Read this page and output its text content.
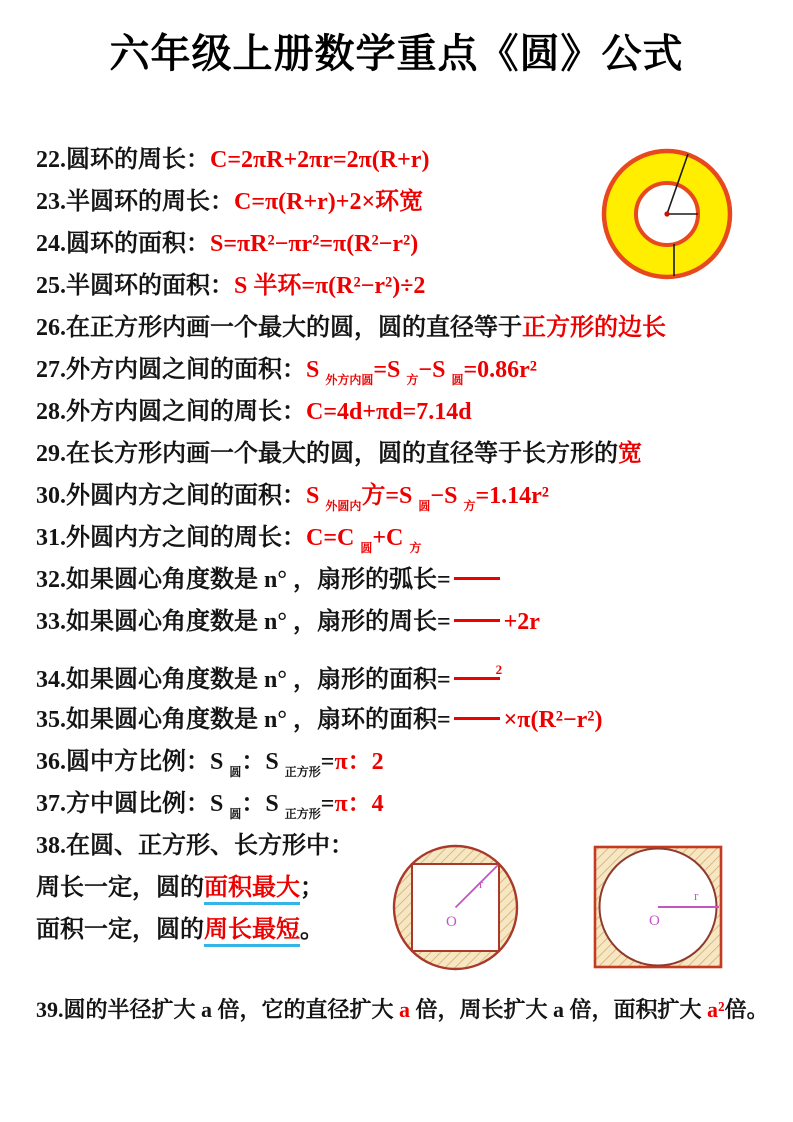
六年级上册数学重点《圆》公式
22.圆环的周长：C=2πR+2πr=2π(R+r)
23.半圆环的周长：C=π(R+r)+2×环宽
24.圆环的面积：S=πR²−πr²=π(R²−r²)
25.半圆环的面积：S 半环=π(R²−r²)÷2
26.在正方形内画一个最大的圆，圆的直径等于正方形的边长
27.外方内圆之间的面积：S $_{外方内圆}$=S $_方$−S $_圆$=0.86r²
28.外方内圆之间的周长：C=4d+πd=7.14d
29.在长方形内画一个最大的圆，圆的直径等于长方形的宽
30.外圆内方之间的面积：S $_{外圆内}$方=S $_圆$−S $_方$=1.14r²
31.外圆内方之间的周长：C=C $_圆$+C $_方$
32.如果圆心角度数是 n° ，扇形的弧长=
33.如果圆心角度数是 n° ，扇形的周长= +2r
34.如果圆心角度数是 n° ，扇形的面积=	$^2$
35.如果圆心角度数是 n° ，扇环的面积= ×π(R²−r²)
36.圆中方比例：S $_圆$：S $_{正方形}$=π：2
37.方中圆比例：S $_圆$：S $_{正方形}$=π：4
38.在圆、正方形、长方形中：
周长一定，圆的面积最大；
面积一定，圆的周长最短。
39.圆的半径扩大 a 倍，它的直径扩大 a 倍，周长扩大 a 倍，面积扩大 a²倍。
r
O
r
O
